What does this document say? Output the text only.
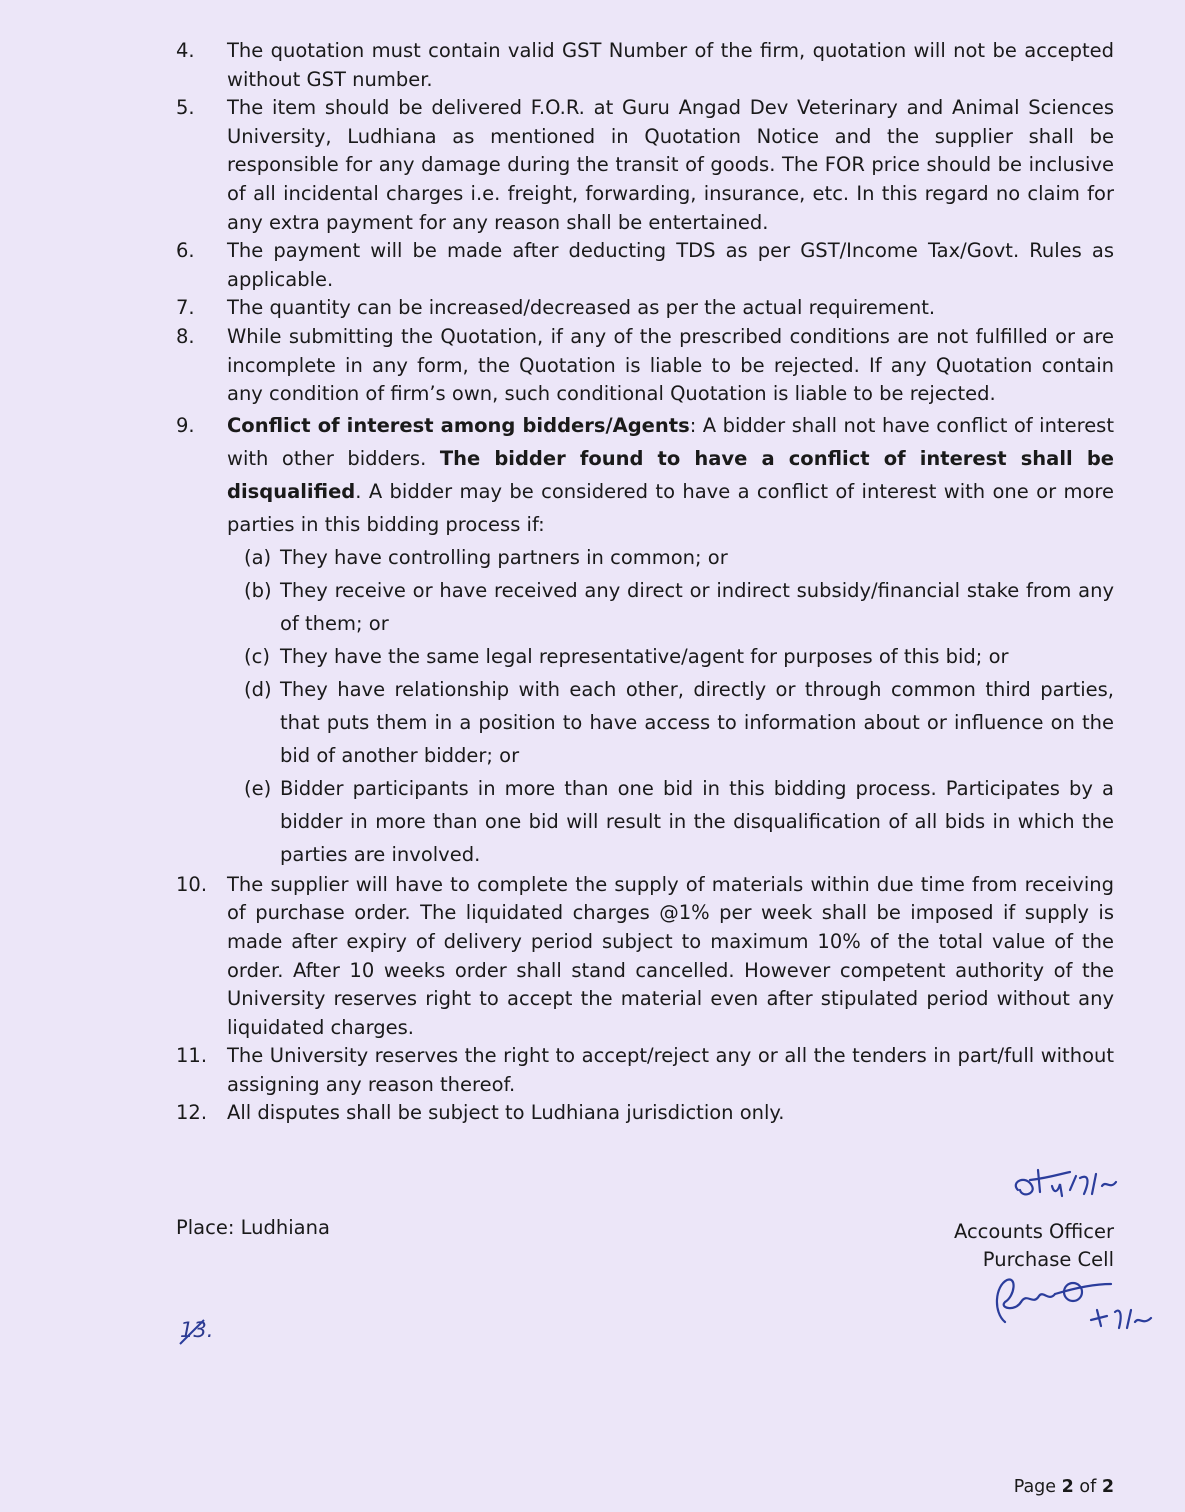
4.	The quotation must contain valid GST Number of the firm, quotation will not be accepted without GST number.
5.	The item should be delivered F.O.R. at Guru Angad Dev Veterinary and Animal Sciences University, Ludhiana as mentioned in Quotation Notice and the supplier shall be responsible for any damage during the transit of goods. The FOR price should be inclusive of all incidental charges i.e. freight, forwarding, insurance, etc. In this regard no claim for any extra payment for any reason shall be entertained.
6.	The payment will be made after deducting TDS as per GST/Income Tax/Govt. Rules as applicable.
7.	The quantity can be increased/decreased as per the actual requirement.
8.	While submitting the Quotation, if any of the prescribed conditions are not fulfilled or are incomplete in any form, the Quotation is liable to be rejected. If any Quotation contain any condition of firm’s own, such conditional Quotation is liable to be rejected.
9.	Conflict of interest among bidders/Agents: A bidder shall not have conflict of interest with other bidders. The bidder found to have a conflict of interest shall be disqualified. A bidder may be considered to have a conflict of interest with one or more parties in this bidding process if:
(a) They have controlling partners in common; or
(b) They receive or have received any direct or indirect subsidy/financial stake from any of them; or
(c) They have the same legal representative/agent for purposes of this bid; or
(d) They have relationship with each other, directly or through common third parties, that puts them in a position to have access to information about or influence on the bid of another bidder; or
(e) Bidder participants in more than one bid in this bidding process. Participates by a bidder in more than one bid will result in the disqualification of all bids in which the parties are involved.
10.	The supplier will have to complete the supply of materials within due time from receiving of purchase order. The liquidated charges @1% per week shall be imposed if supply is made after expiry of delivery period subject to maximum 10% of the total value of the order. After 10 weeks order shall stand cancelled. However competent authority of the University reserves right to accept the material even after stipulated period without any liquidated charges.
11.	The University reserves the right to accept/reject any or all the tenders in part/full without assigning any reason thereof.
12.	All disputes shall be subject to Ludhiana jurisdiction only.
Place: Ludhiana	Accounts Officer
Purchase Cell
13.
Page 2 of 2
